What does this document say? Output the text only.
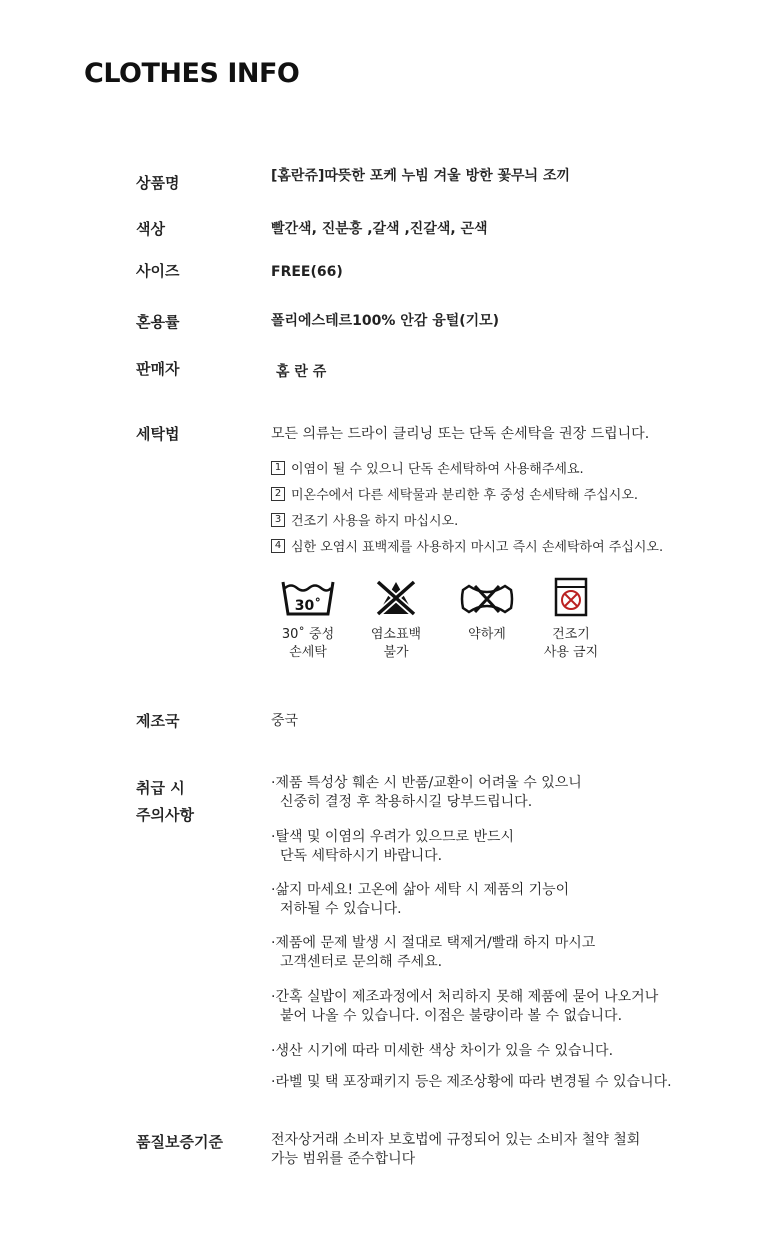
CLOTHES INFO
상품명	[홈란쥬]따뜻한 포케 누빔 겨울 방한 꽃무늬 조끼
색상	빨간색, 진분홍 ,갈색 ,진갈색, 곤색
사이즈	FREE(66)
혼용률	폴리에스테르100% 안감 융털(기모)
판매자	홈 란 쥬
세탁법	모든 의류는 드라이 클리닝 또는 단독 손세탁을 권장 드립니다.
1 이염이 될 수 있으니 단독 손세탁하여 사용해주세요.
2 미온수에서 다른 세탁물과 분리한 후 중성 손세탁해 주십시오.
3 건조기 사용을 하지 마십시오.
4 심한 오염시 표백제를 사용하지 마시고 즉시 손세탁하여 주십시오.
30˚
30˚ 중성
손세탁
염소표백
불가
약하게	건조기
사용 금지
제조국	중국
취급 시
주의사항
·제품 특성상 훼손 시 반품/교환이 어려울 수 있으니
신중히 결정 후 착용하시길 당부드립니다.
·탈색 및 이염의 우려가 있으므로 반드시
단독 세탁하시기 바랍니다.
·삶지 마세요! 고온에 삶아 세탁 시 제품의 기능이
저하될 수 있습니다.
·제품에 문제 발생 시 절대로 택제거/빨래 하지 마시고
고객센터로 문의해 주세요.
·간혹 실밥이 제조과정에서 처리하지 못해 제품에 묻어 나오거나
붙어 나올 수 있습니다. 이점은 불량이라 볼 수 없습니다.
·생산 시기에 따라 미세한 색상 차이가 있을 수 있습니다.
·라벨 및 택 포장패키지 등은 제조상황에 따라 변경될 수 있습니다.
품질보증기준	전자상거래 소비자 보호법에 규정되어 있는 소비자 철약 철회
가능 범위를 준수합니다
